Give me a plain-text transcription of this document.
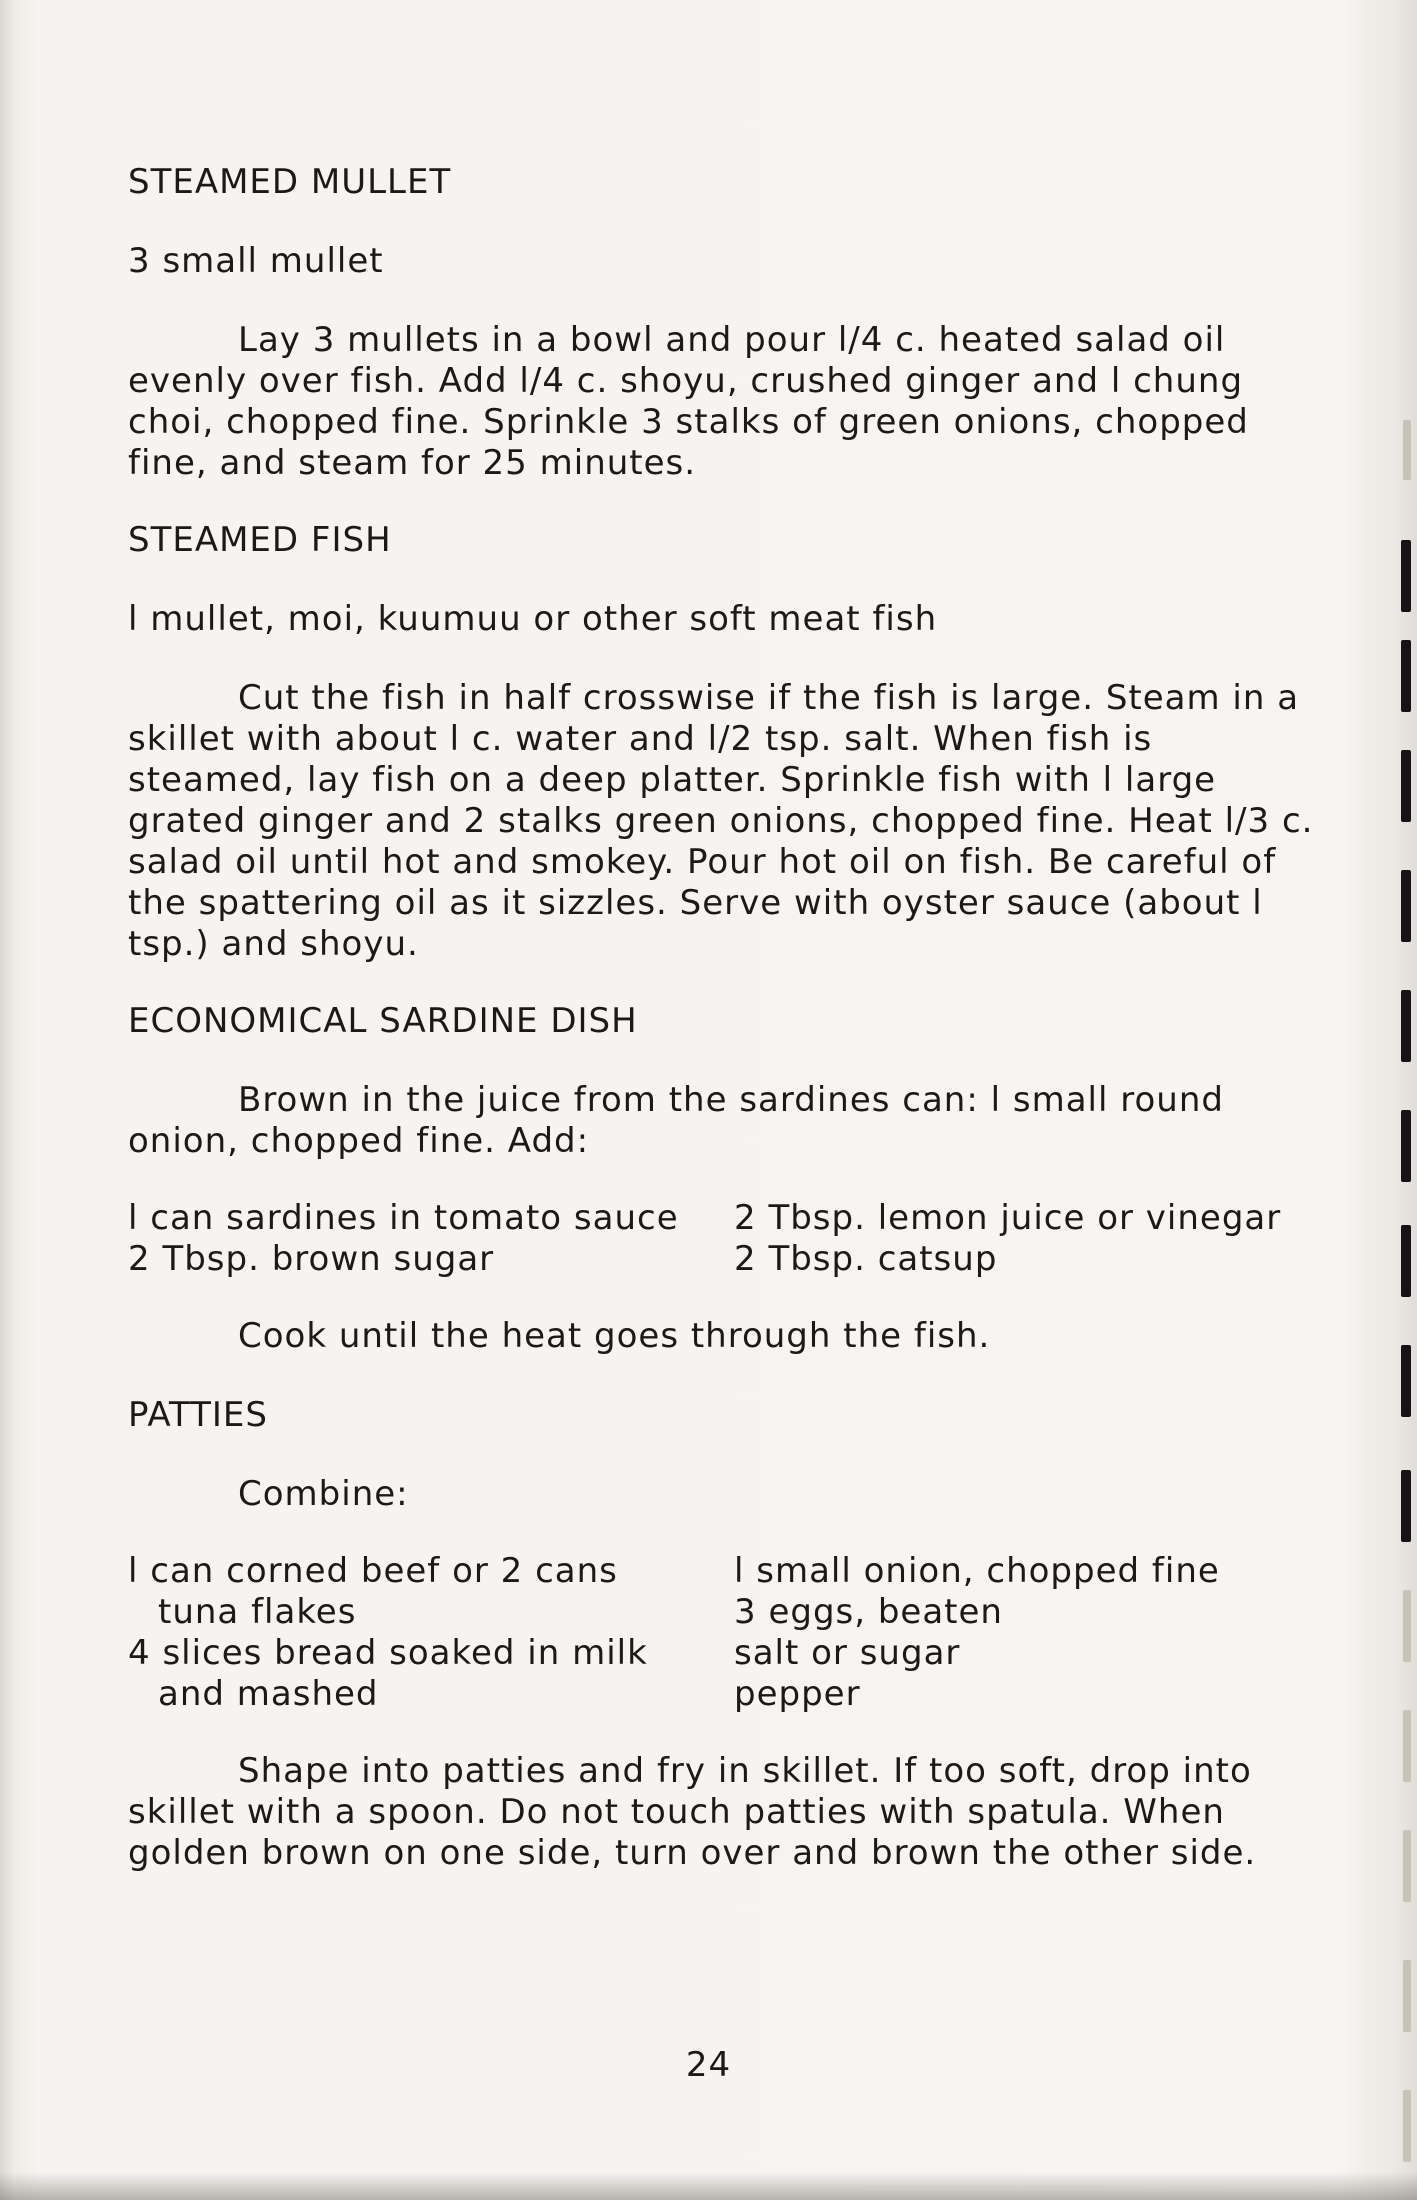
STEAMED MULLET

3 small mullet

Lay 3 mullets in a bowl and pour l/4 c. heated salad oil evenly over fish. Add l/4 c. shoyu, crushed ginger and l chung choi, chopped fine. Sprinkle 3 stalks of green onions, chopped fine, and steam for 25 minutes.

STEAMED FISH

l mullet, moi, kuumuu or other soft meat fish

Cut the fish in half crosswise if the fish is large. Steam in a skillet with about l c. water and l/2 tsp. salt. When fish is steamed, lay fish on a deep platter. Sprinkle fish with l large grated ginger and 2 stalks green onions, chopped fine. Heat l/3 c. salad oil until hot and smokey. Pour hot oil on fish. Be careful of the spattering oil as it sizzles. Serve with oyster sauce (about l tsp.) and shoyu.

ECONOMICAL SARDINE DISH

Brown in the juice from the sardines can: l small round onion, chopped fine. Add:

l can sardines in tomato sauce
2 Tbsp. brown sugar
2 Tbsp. lemon juice or vinegar
2 Tbsp. catsup

Cook until the heat goes through the fish.

PATTIES

Combine:

l can corned beef or 2 cans
tuna flakes
4 slices bread soaked in milk
and mashed
l small onion, chopped fine
3 eggs, beaten
salt or sugar
pepper

Shape into patties and fry in skillet. If too soft, drop into skillet with a spoon. Do not touch patties with spatula. When golden brown on one side, turn over and brown the other side.

24
